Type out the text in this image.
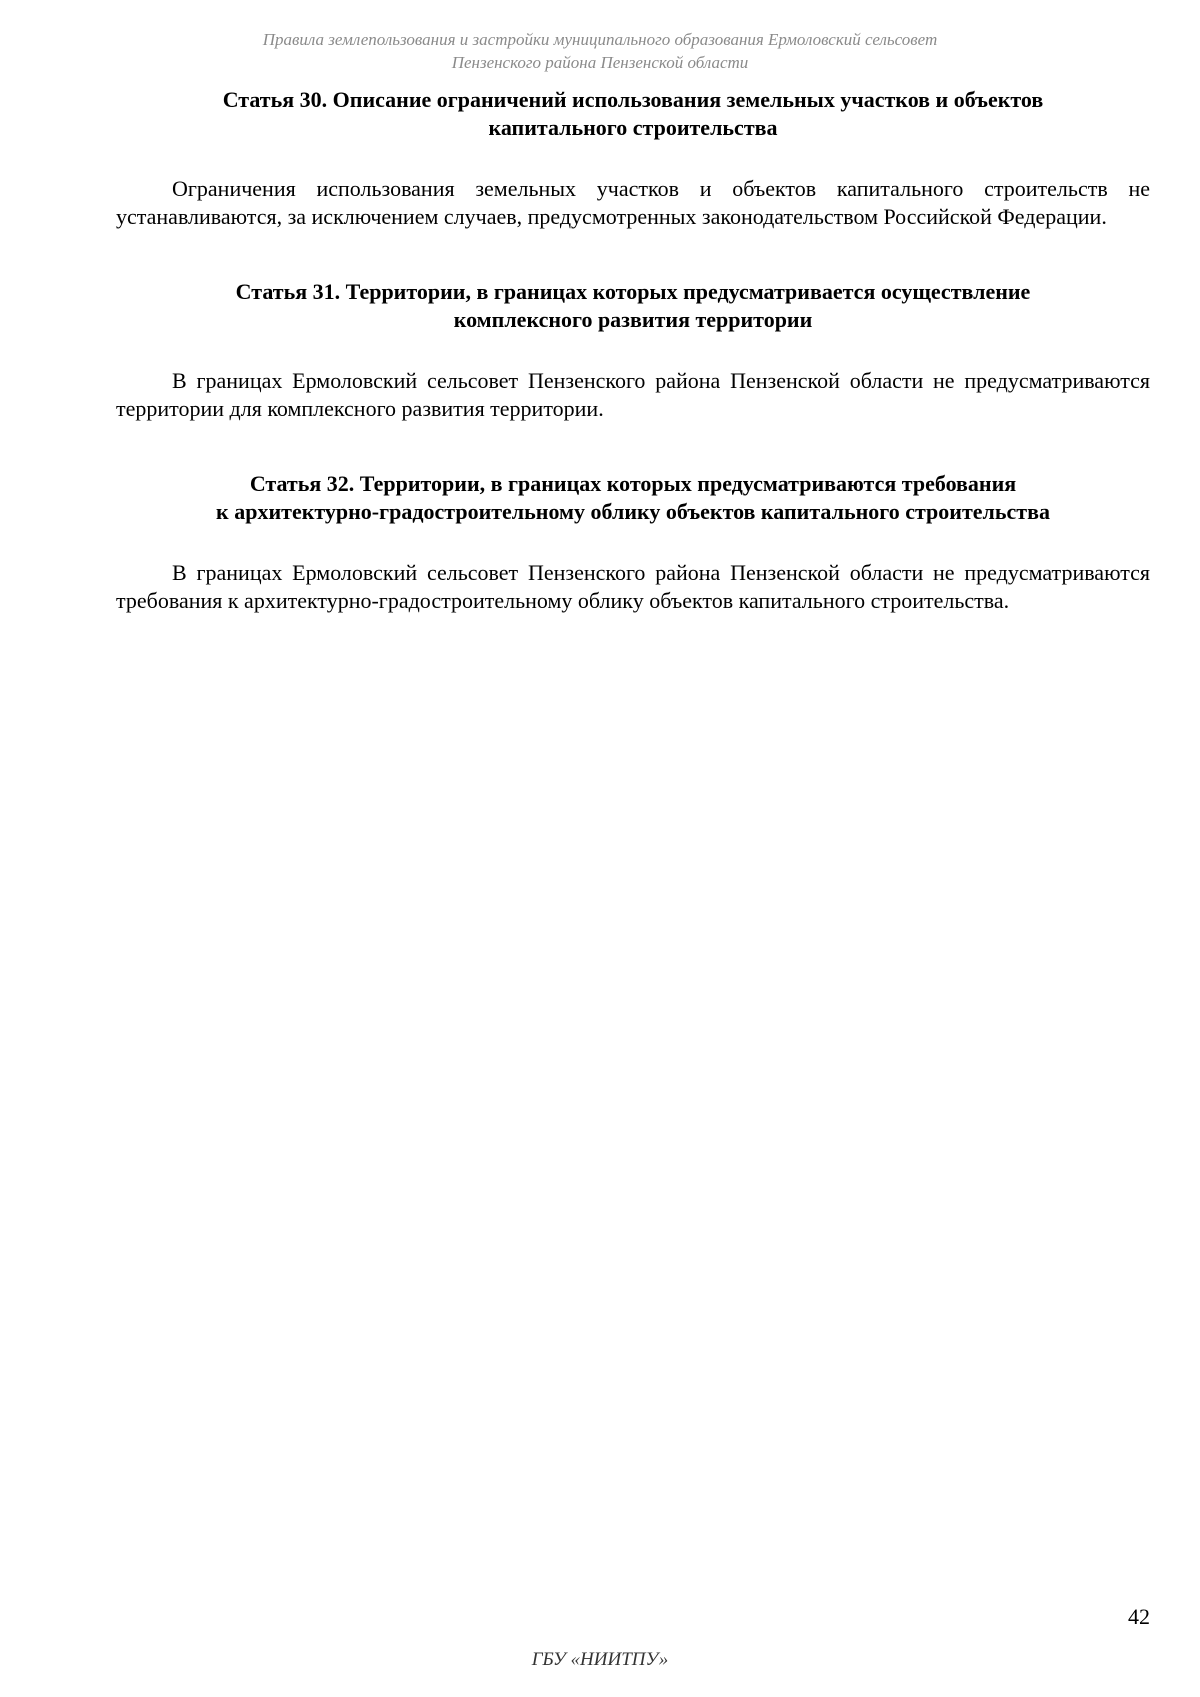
Правила землепользования и застройки муниципального образования Ермоловский сельсовет
Пензенского района Пензенской области
Статья 30. Описание ограничений использования земельных участков и объектов
капитального строительства

Ограничения использования земельных участков и объектов капитального строительств не устанавливаются, за исключением случаев, предусмотренных законодательством Российской Федерации.

Статья 31. Территории, в границах которых предусматривается осуществление
комплексного развития территории

В границах Ермоловский сельсовет Пензенского района Пензенской области не предусматриваются территории для комплексного развития территории.

Статья 32. Территории, в границах которых предусматриваются требования
к архитектурно-градостроительному облику объектов капитального строительства

В границах Ермоловский сельсовет Пензенского района Пензенской области не предусматриваются требования к архитектурно-градостроительному облику объектов капитального строительства.

42
ГБУ «НИИТПУ»
